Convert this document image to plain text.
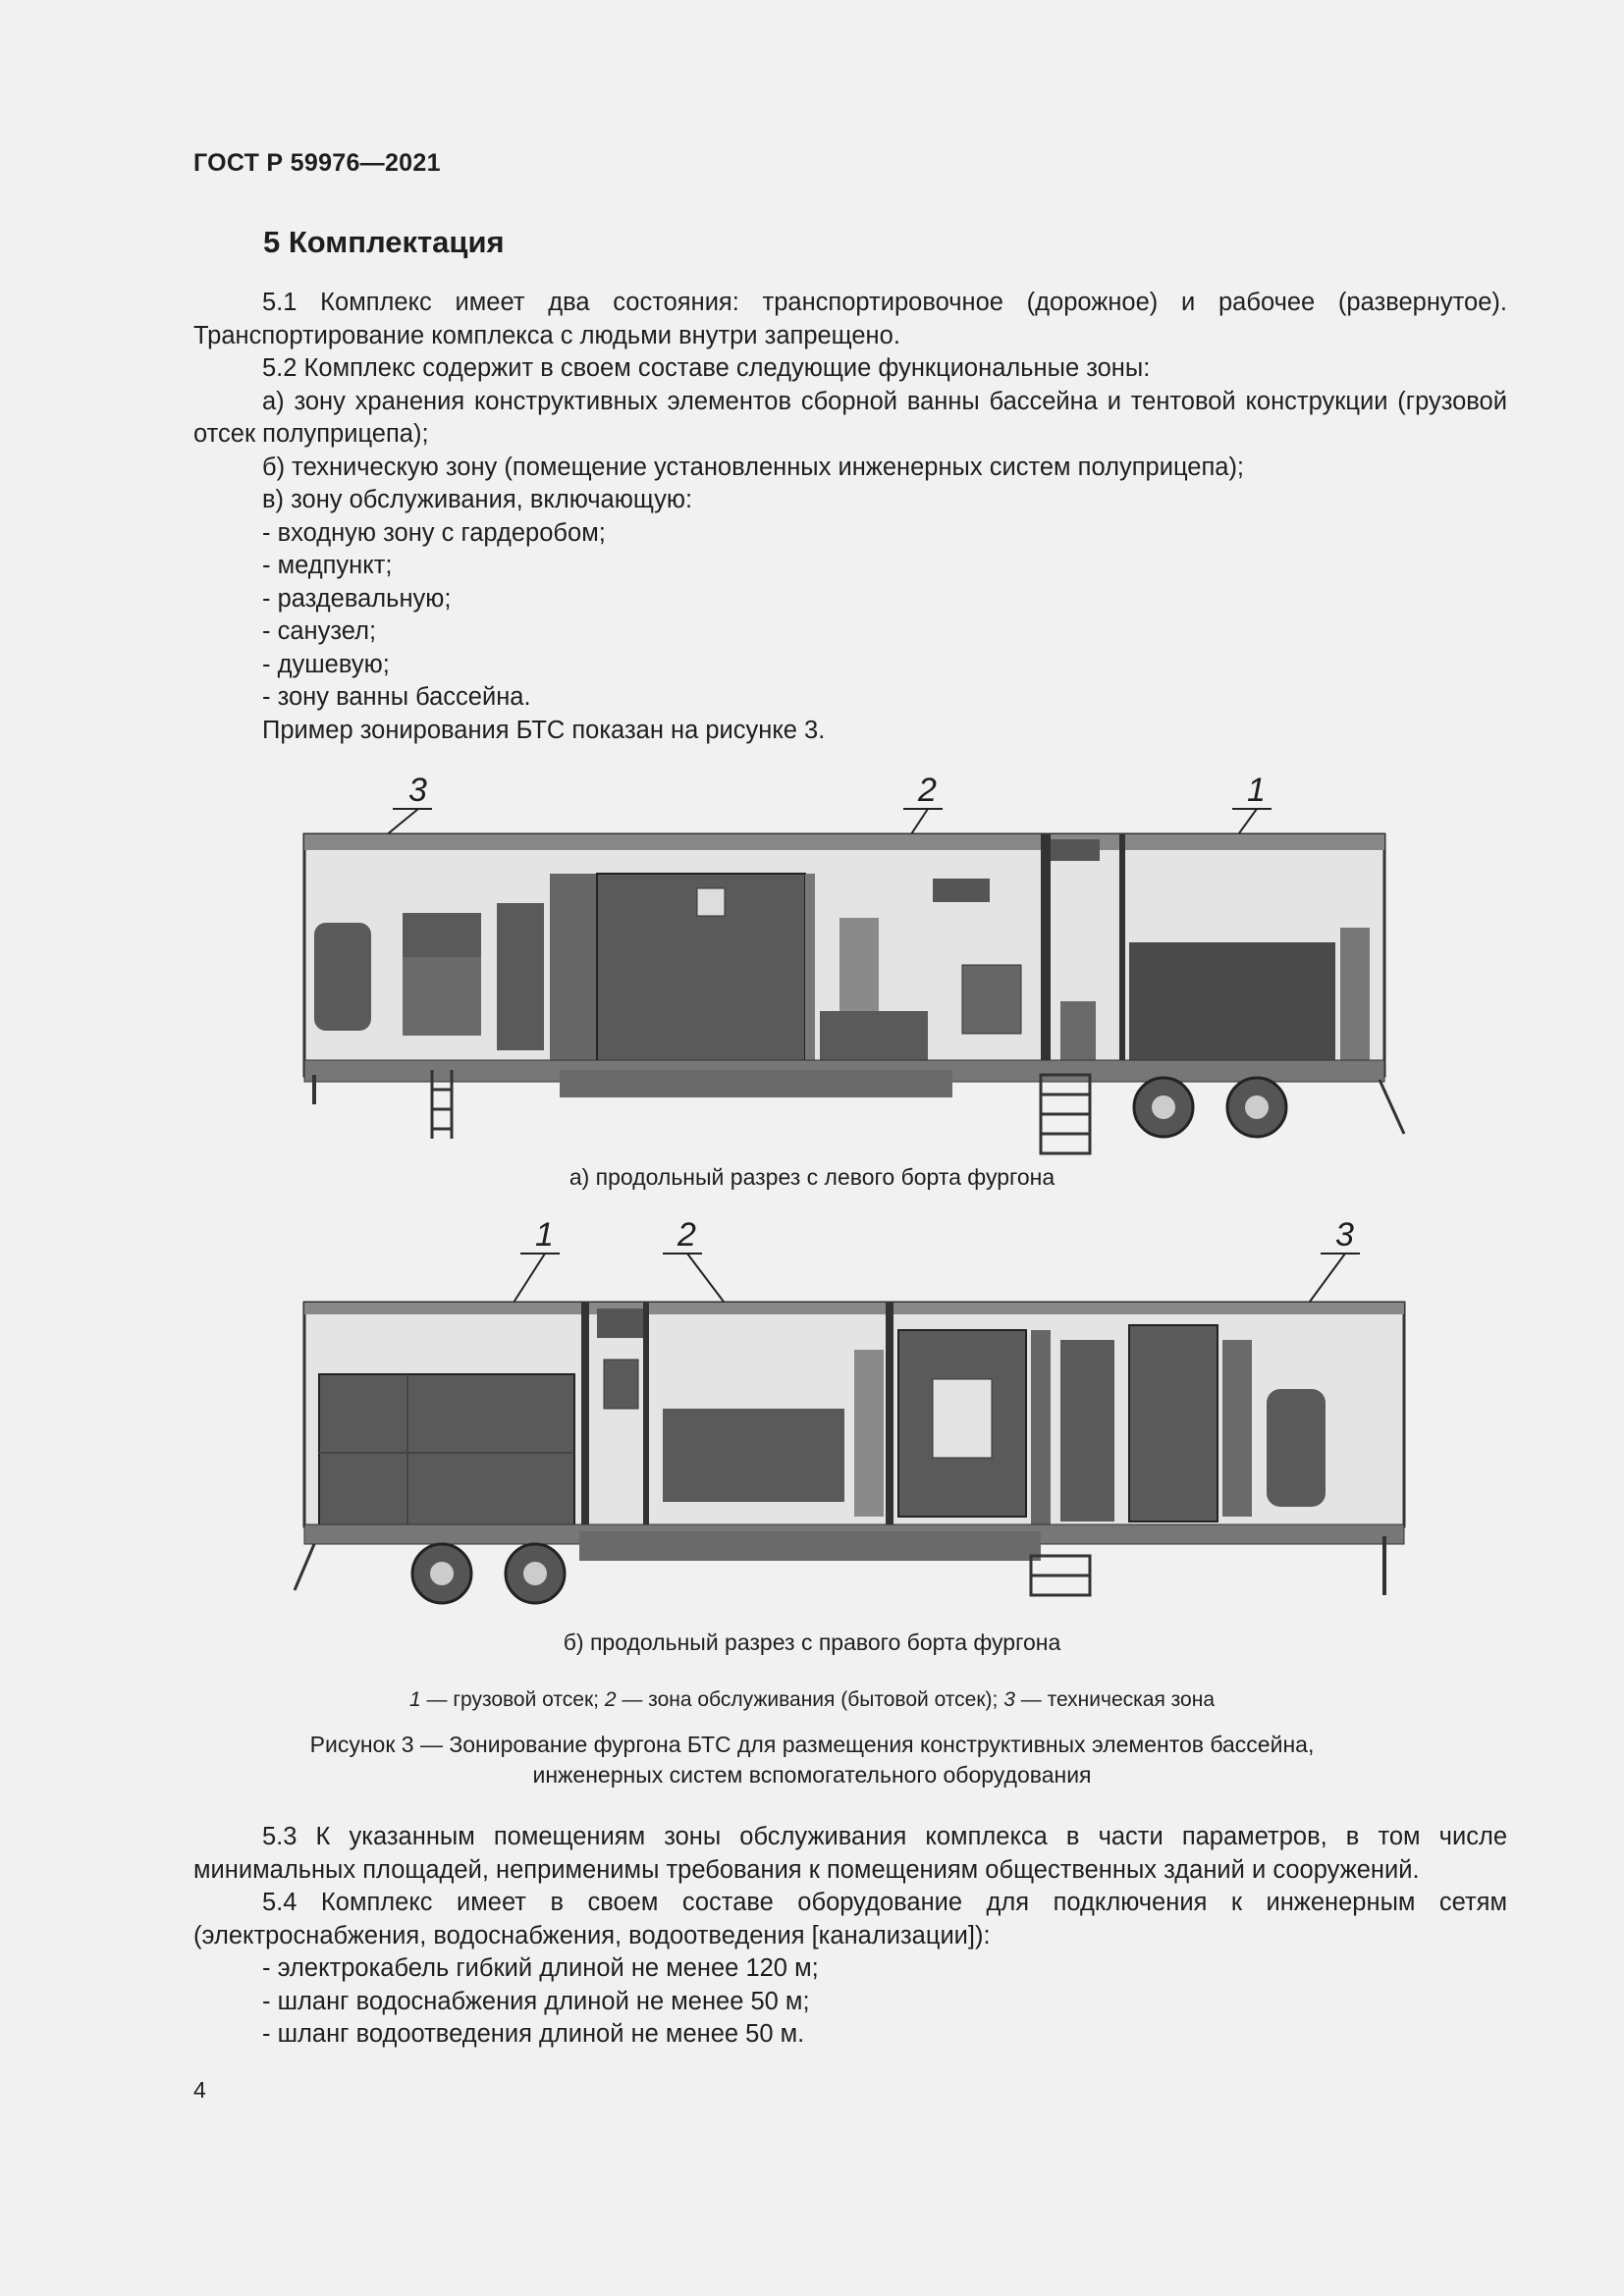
ГОСТ Р 59976—2021
5 Комплектация

5.1 Комплекс имеет два состояния: транспортировочное (дорожное) и рабочее (развернутое). Транспортирование комплекса с людьми внутри запрещено.

5.2 Комплекс содержит в своем составе следующие функциональные зоны:

а) зону хранения конструктивных элементов сборной ванны бассейна и тентовой конструкции (грузовой отсек полуприцепа);

б) техническую зону (помещение установленных инженерных систем полуприцепа);

в) зону обслуживания, включающую:

- входную зону с гардеробом;

- медпункт;

- раздевальную;

- санузел;

- душевую;

- зону ванны бассейна.

Пример зонирования БТС показан на рисунке 3.

3	2	1
а) продольный разрез с левого борта фургона
1	2	3
б) продольный разрез с правого борта фургона
1 — грузовой отсек; 2 — зона обслуживания (бытовой отсек); 3 — техническая зона
Рисунок 3 — Зонирование фургона БТС для размещения конструктивных элементов бассейна,
инженерных систем вспомогательного оборудования

5.3 К указанным помещениям зоны обслуживания комплекса в части параметров, в том числе минимальных площадей, неприменимы требования к помещениям общественных зданий и сооружений.

5.4 Комплекс имеет в своем составе оборудование для подключения к инженерным сетям (электроснабжения, водоснабжения, водоотведения [канализации]):

- электрокабель гибкий длиной не менее 120 м;

- шланг водоснабжения длиной не менее 50 м;

- шланг водоотведения длиной не менее 50 м.

4
